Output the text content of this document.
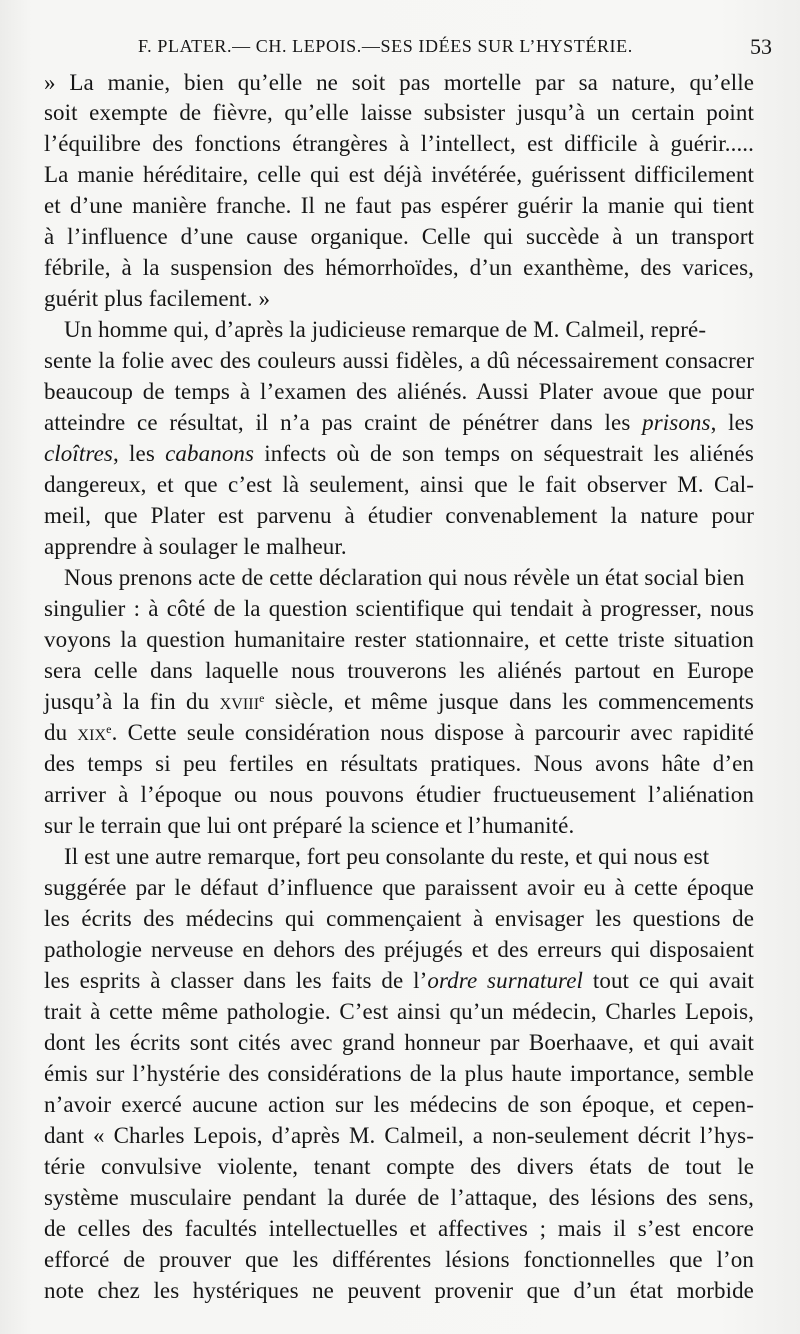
F. PLATER.— CH. LEPOIS.—SES IDÉES SUR L’HYSTÉRIE.	53
» La manie, bien qu’elle ne soit pas mortelle par sa nature, qu’elle
soit exempte de fièvre, qu’elle laisse subsister jusqu’à un certain point
l’équilibre des fonctions étrangères à l’intellect, est difficile à guérir.....
La manie héréditaire, celle qui est déjà invétérée, guérissent difficilement
et d’une manière franche. Il ne faut pas espérer guérir la manie qui tient
à l’influence d’une cause organique. Celle qui succède à un transport
fébrile, à la suspension des hémorrhoïdes, d’un exanthème, des varices,
guérit plus facilement. »
Un homme qui, d’après la judicieuse remarque de M. Calmeil, repré-
sente la folie avec des couleurs aussi fidèles, a dû nécessairement consacrer
beaucoup de temps à l’examen des aliénés. Aussi Plater avoue que pour
atteindre ce résultat, il n’a pas craint de pénétrer dans les prisons, les
cloîtres, les cabanons infects où de son temps on séquestrait les aliénés
dangereux, et que c’est là seulement, ainsi que le fait observer M. Cal-
meil, que Plater est parvenu à étudier convenablement la nature pour
apprendre à soulager le malheur.
Nous prenons acte de cette déclaration qui nous révèle un état social bien
singulier : à côté de la question scientifique qui tendait à progresser, nous
voyons la question humanitaire rester stationnaire, et cette triste situation
sera celle dans laquelle nous trouverons les aliénés partout en Europe
jusqu’à la fin du xviii$^e$ siècle, et même jusque dans les commencements
du xix$^e$. Cette seule considération nous dispose à parcourir avec rapidité
des temps si peu fertiles en résultats pratiques. Nous avons hâte d’en
arriver à l’époque ou nous pouvons étudier fructueusement l’aliénation
sur le terrain que lui ont préparé la science et l’humanité.
Il est une autre remarque, fort peu consolante du reste, et qui nous est
suggérée par le défaut d’influence que paraissent avoir eu à cette époque
les écrits des médecins qui commençaient à envisager les questions de
pathologie nerveuse en dehors des préjugés et des erreurs qui disposaient
les esprits à classer dans les faits de l’ordre surnaturel tout ce qui avait
trait à cette même pathologie. C’est ainsi qu’un médecin, Charles Lepois,
dont les écrits sont cités avec grand honneur par Boerhaave, et qui avait
émis sur l’hystérie des considérations de la plus haute importance, semble
n’avoir exercé aucune action sur les médecins de son époque, et cepen-
dant « Charles Lepois, d’après M. Calmeil, a non-seulement décrit l’hys-
térie convulsive violente, tenant compte des divers états de tout le
système musculaire pendant la durée de l’attaque, des lésions des sens,
de celles des facultés intellectuelles et affectives ; mais il s’est encore
efforcé de prouver que les différentes lésions fonctionnelles que l’on
note chez les hystériques ne peuvent provenir que d’un état morbide
